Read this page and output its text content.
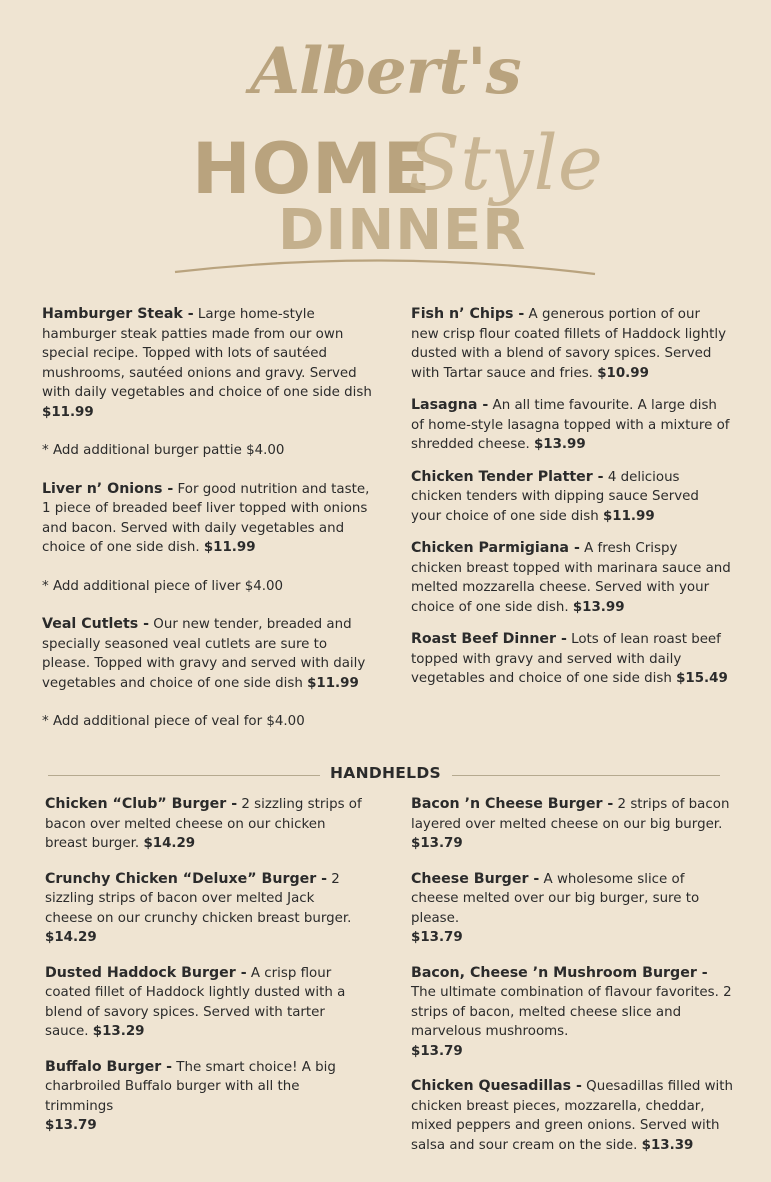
Albert's
HOME
Style
DINNER
Hamburger Steak - Large home-style hamburger steak patties made from our own special recipe. Topped with lots of sautéed mushrooms, sautéed onions and gravy. Served with daily vegetables and choice of one side dish
$11.99
* Add additional burger pattie $4.00
Liver n’ Onions - For good nutrition and taste, 1 piece of breaded beef liver topped with onions and bacon. Served with daily vegetables and choice of one side dish. $11.99
* Add additional piece of liver $4.00
Veal Cutlets - Our new tender, breaded and specially seasoned veal cutlets are sure to please. Topped with gravy and served with daily vegetables and choice of one side dish $11.99
* Add additional piece of veal for $4.00
Fish n’ Chips - A generous portion of our new crisp flour coated fillets of Haddock lightly dusted with a blend of savory spices. Served with Tartar sauce and fries. $10.99
Lasagna - An all time favourite. A large dish of home-style lasagna topped with a mixture of shredded cheese. $13.99
Chicken Tender Platter - 4 delicious chicken tenders with dipping sauce Served your choice of one side dish $11.99
Chicken Parmigiana - A fresh Crispy chicken breast topped with marinara sauce and melted mozzarella cheese. Served with your choice of one side dish. $13.99
Roast Beef Dinner - Lots of lean roast beef topped with gravy and served with daily vegetables and choice of one side dish $15.49
HANDHELDS
Chicken “Club” Burger - 2 sizzling strips of bacon over melted cheese on our chicken breast burger. $14.29
Crunchy Chicken “Deluxe” Burger - 2 sizzling strips of bacon over melted Jack cheese on our crunchy chicken breast burger. $14.29
Dusted Haddock Burger - A crisp flour coated fillet of Haddock lightly dusted with a blend of savory spices. Served with tarter sauce. $13.29
Buffalo Burger - The smart choice! A big charbroiled Buffalo burger with all the trimmings
$13.79
Bacon ’n Cheese Burger - 2 strips of bacon layered over melted cheese on our big burger.
$13.79
Cheese Burger - A wholesome slice of cheese melted over our big burger, sure to please.
$13.79
Bacon, Cheese ’n Mushroom Burger - The ultimate combination of flavour favorites. 2 strips of bacon, melted cheese slice and marvelous mushrooms.
$13.79
Chicken Quesadillas - Quesadillas filled with chicken breast pieces, mozzarella, cheddar, mixed peppers and green onions. Served with salsa and sour cream on the side. $13.39
